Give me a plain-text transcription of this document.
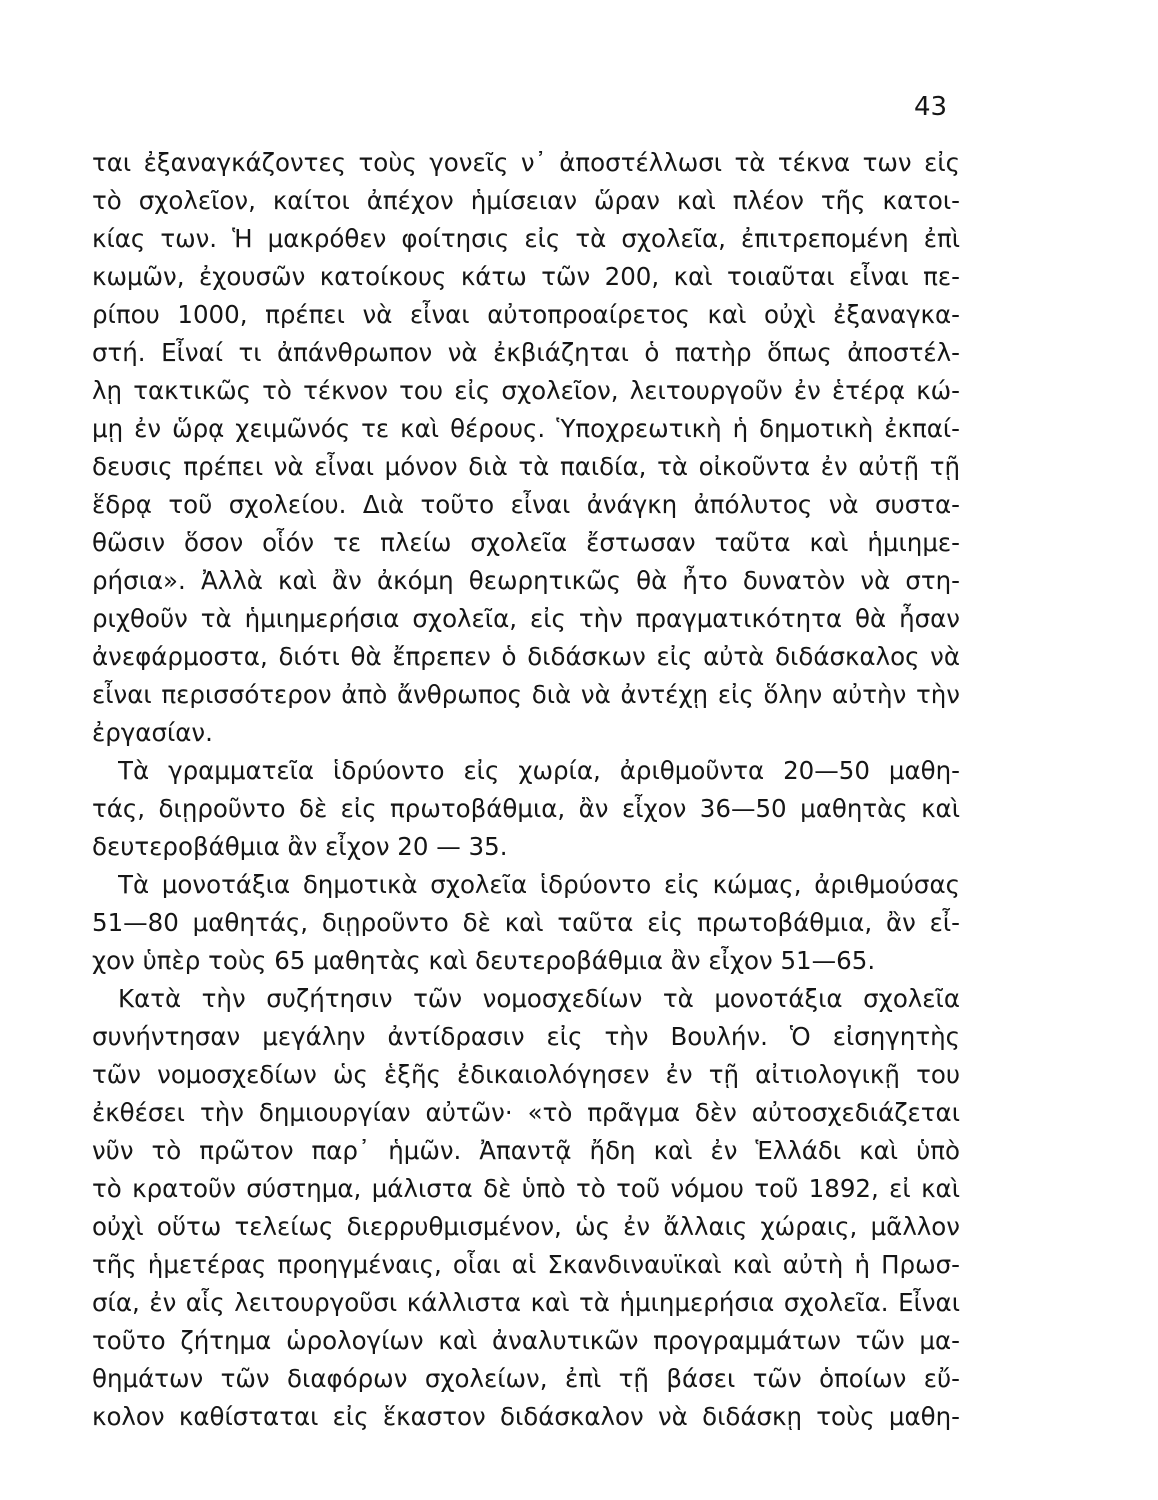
43
ται ἐξαναγκάζοντες τοὺς γονεῖς ν᾽ ἀποστέλλωσι τὰ τέκνα των εἰς
τὸ σχολεῖον, καίτοι ἀπέχον ἡμίσειαν ὥραν καὶ πλέον τῆς κατοι-
κίας των. Ἡ μακρόθεν φοίτησις εἰς τὰ σχολεῖα, ἐπιτρεπομένη ἐπὶ
κωμῶν, ἐχουσῶν κατοίκους κάτω τῶν 200, καὶ τοιαῦται εἶναι πε-
ρίπου 1000, πρέπει νὰ εἶναι αὐτοπροαίρετος καὶ οὐχὶ ἐξαναγκα-
στή. Εἶναί τι ἀπάνθρωπον νὰ ἐκβιάζηται ὁ πατὴρ ὅπως ἀποστέλ-
λῃ τακτικῶς τὸ τέκνον του εἰς σχολεῖον, λειτουργοῦν ἐν ἑτέρᾳ κώ-
μῃ ἐν ὥρᾳ χειμῶνός τε καὶ θέρους. Ὑποχρεωτικὴ ἡ δημοτικὴ ἐκπαί-
δευσις πρέπει νὰ εἶναι μόνον διὰ τὰ παιδία, τὰ οἰκοῦντα ἐν αὐτῇ τῇ
ἕδρᾳ τοῦ σχολείου. Διὰ τοῦτο εἶναι ἀνάγκη ἀπόλυτος νὰ συστα-
θῶσιν ὅσον οἷόν τε πλείω σχολεῖα ἔστωσαν ταῦτα καὶ ἡμιημε-
ρήσια». Ἀλλὰ καὶ ἂν ἀκόμη θεωρητικῶς θὰ ἦτο δυνατὸν νὰ στη-
ριχθοῦν τὰ ἡμιημερήσια σχολεῖα, εἰς τὴν πραγματικότητα θὰ ἦσαν
ἀνεφάρμοστα, διότι θὰ ἔπρεπεν ὁ διδάσκων εἰς αὐτὰ διδάσκαλος νὰ
εἶναι περισσότερον ἀπὸ ἄνθρωπος διὰ νὰ ἀντέχῃ εἰς ὅλην αὐτὴν τὴν
ἐργασίαν.
Τὰ γραμματεῖα ἱδρύοντο εἰς χωρία, ἀριθμοῦντα 20—50 μαθη-
τάς, διῃροῦντο δὲ εἰς πρωτοβάθμια, ἂν εἶχον 36—50 μαθητὰς καὶ
δευτεροβάθμια ἂν εἶχον 20 — 35.
Τὰ μονοτάξια δημοτικὰ σχολεῖα ἱδρύοντο εἰς κώμας, ἀριθμούσας
51—80 μαθητάς, διῃροῦντο δὲ καὶ ταῦτα εἰς πρωτοβάθμια, ἂν εἶ-
χον ὑπὲρ τοὺς 65 μαθητὰς καὶ δευτεροβάθμια ἂν εἶχον 51—65.
Κατὰ τὴν συζήτησιν τῶν νομοσχεδίων τὰ μονοτάξια σχολεῖα
συνήντησαν μεγάλην ἀντίδρασιν εἰς τὴν Βουλήν. Ὁ εἰσηγητὴς
τῶν νομοσχεδίων ὡς ἑξῆς ἐδικαιολόγησεν ἐν τῇ αἰτιολογικῇ του
ἐκθέσει τὴν δημιουργίαν αὐτῶν· «τὸ πρᾶγμα δὲν αὐτοσχεδιάζεται
νῦν τὸ πρῶτον παρ᾽ ἡμῶν. Ἀπαντᾷ ἤδη καὶ ἐν Ἑλλάδι καὶ ὑπὸ
τὸ κρατοῦν σύστημα, μάλιστα δὲ ὑπὸ τὸ τοῦ νόμου τοῦ 1892, εἰ καὶ
οὐχὶ οὕτω τελείως διερρυθμισμένον, ὡς ἐν ἄλλαις χώραις, μᾶλλον
τῆς ἡμετέρας προηγμέναις, οἷαι αἱ Σκανδιναυϊκαὶ καὶ αὐτὴ ἡ Πρωσ-
σία, ἐν αἷς λειτουργοῦσι κάλλιστα καὶ τὰ ἡμιημερήσια σχολεῖα. Εἶναι
τοῦτο ζήτημα ὡρολογίων καὶ ἀναλυτικῶν προγραμμάτων τῶν μα-
θημάτων τῶν διαφόρων σχολείων, ἐπὶ τῇ βάσει τῶν ὁποίων εὔ-
κολον καθίσταται εἰς ἕκαστον διδάσκαλον νὰ διδάσκῃ τοὺς μαθη-
